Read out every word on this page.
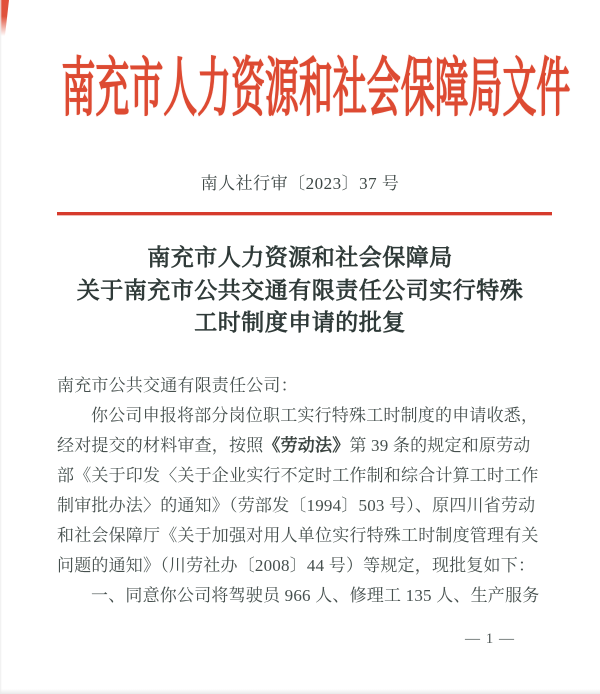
南充市人力资源和社会保障局文件
南人社行审〔2023〕37 号
南充市人力资源和社会保障局
关于南充市公共交通有限责任公司实行特殊
工时制度申请的批复
南充市公共交通有限责任公司：
你公司申报将部分岗位职工实行特殊工时制度的申请收悉，
经对提交的材料审查，按照《劳动法》第 39 条的规定和原劳动
部《关于印发〈关于企业实行不定时工作制和综合计算工时工作
制审批办法〉的通知》（劳部发〔1994〕503 号）、原四川省劳动
和社会保障厅《关于加强对用人单位实行特殊工时制度管理有关
问题的通知》（川劳社办〔2008〕44 号）等规定，现批复如下：
一、同意你公司将驾驶员 966 人、修理工 135 人、生产服务
— 1 —
